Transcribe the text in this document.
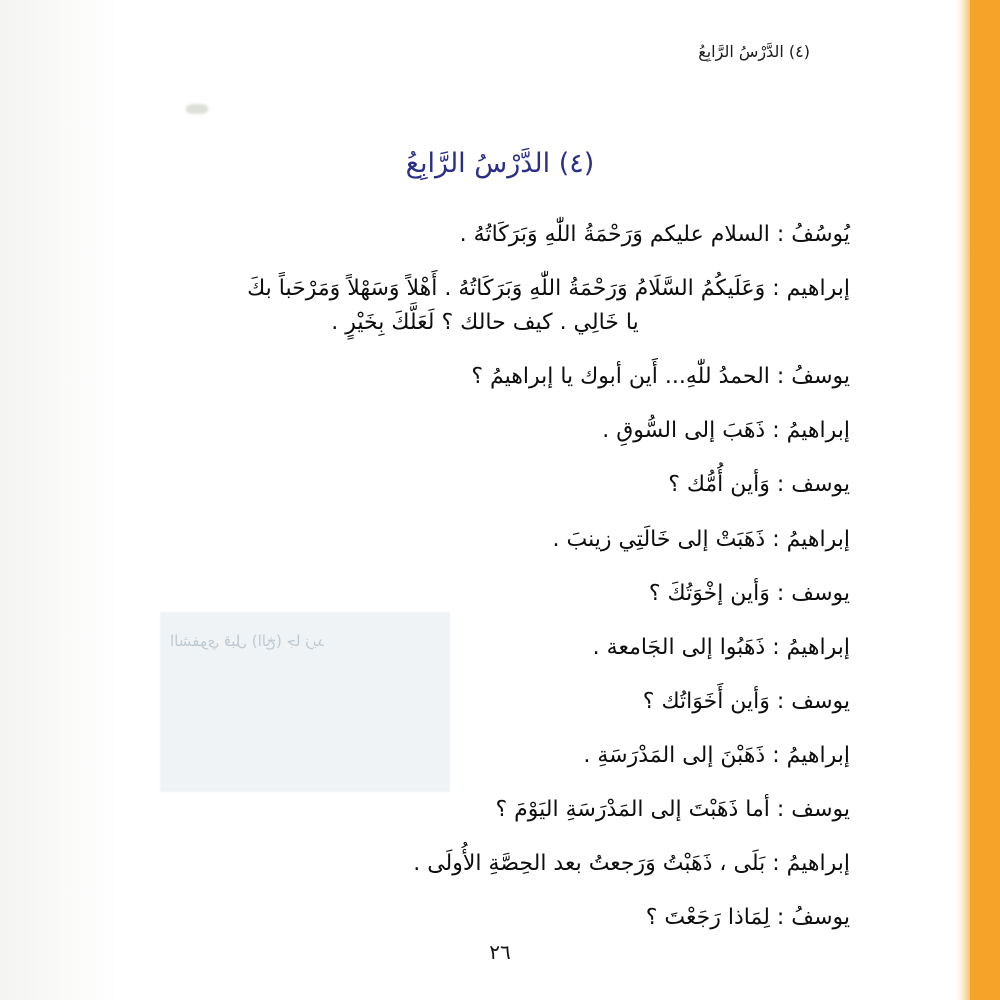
الشفوي قبل (الخ) جا زيد
(٤) الدَّرْسُ الرَّابِعُ
(٤) الدَّرْسُ الرَّابِعُ
يُوسُفُ : السلام عليكم وَرَحْمَةُ اللّٰهِ وَبَرَكَاتُهُ .
إبراهيم : وَعَلَيكُمُ السَّلَامُ وَرَحْمَةُ اللّٰهِ وَبَرَكَاتُهُ . أَهْلاً وَسَهْلاً وَمَرْحَباً بكَ
يا خَالِي . كيف حالك ؟ لَعَلَّكَ بِخَيْرٍ .
يوسفُ : الحمدُ للّٰهِ... أَين أبوك يا إبراهيمُ ؟
إبراهيمُ : ذَهَبَ إلى السُّوقِ .
يوسف : وَأين أُمُّك ؟
إبراهيمُ : ذَهَبَتْ إلى خَالَتِي زينبَ .
يوسف : وَأين إخْوَتُكَ ؟
إبراهيمُ : ذَهَبُوا إلى الجَامعة .
يوسف : وَأين أَخَوَاتُك ؟
إبراهيمُ : ذَهَبْنَ إلى المَدْرَسَةِ .
يوسف : أما ذَهَبْتَ إلى المَدْرَسَةِ اليَوْمَ ؟
إبراهيمُ : بَلَى ، ذَهَبْتُ وَرَجعتُ بعد الحِصَّةِ الأُولَى .
يوسفُ : لِمَاذا رَجَعْتَ ؟
٢٦
